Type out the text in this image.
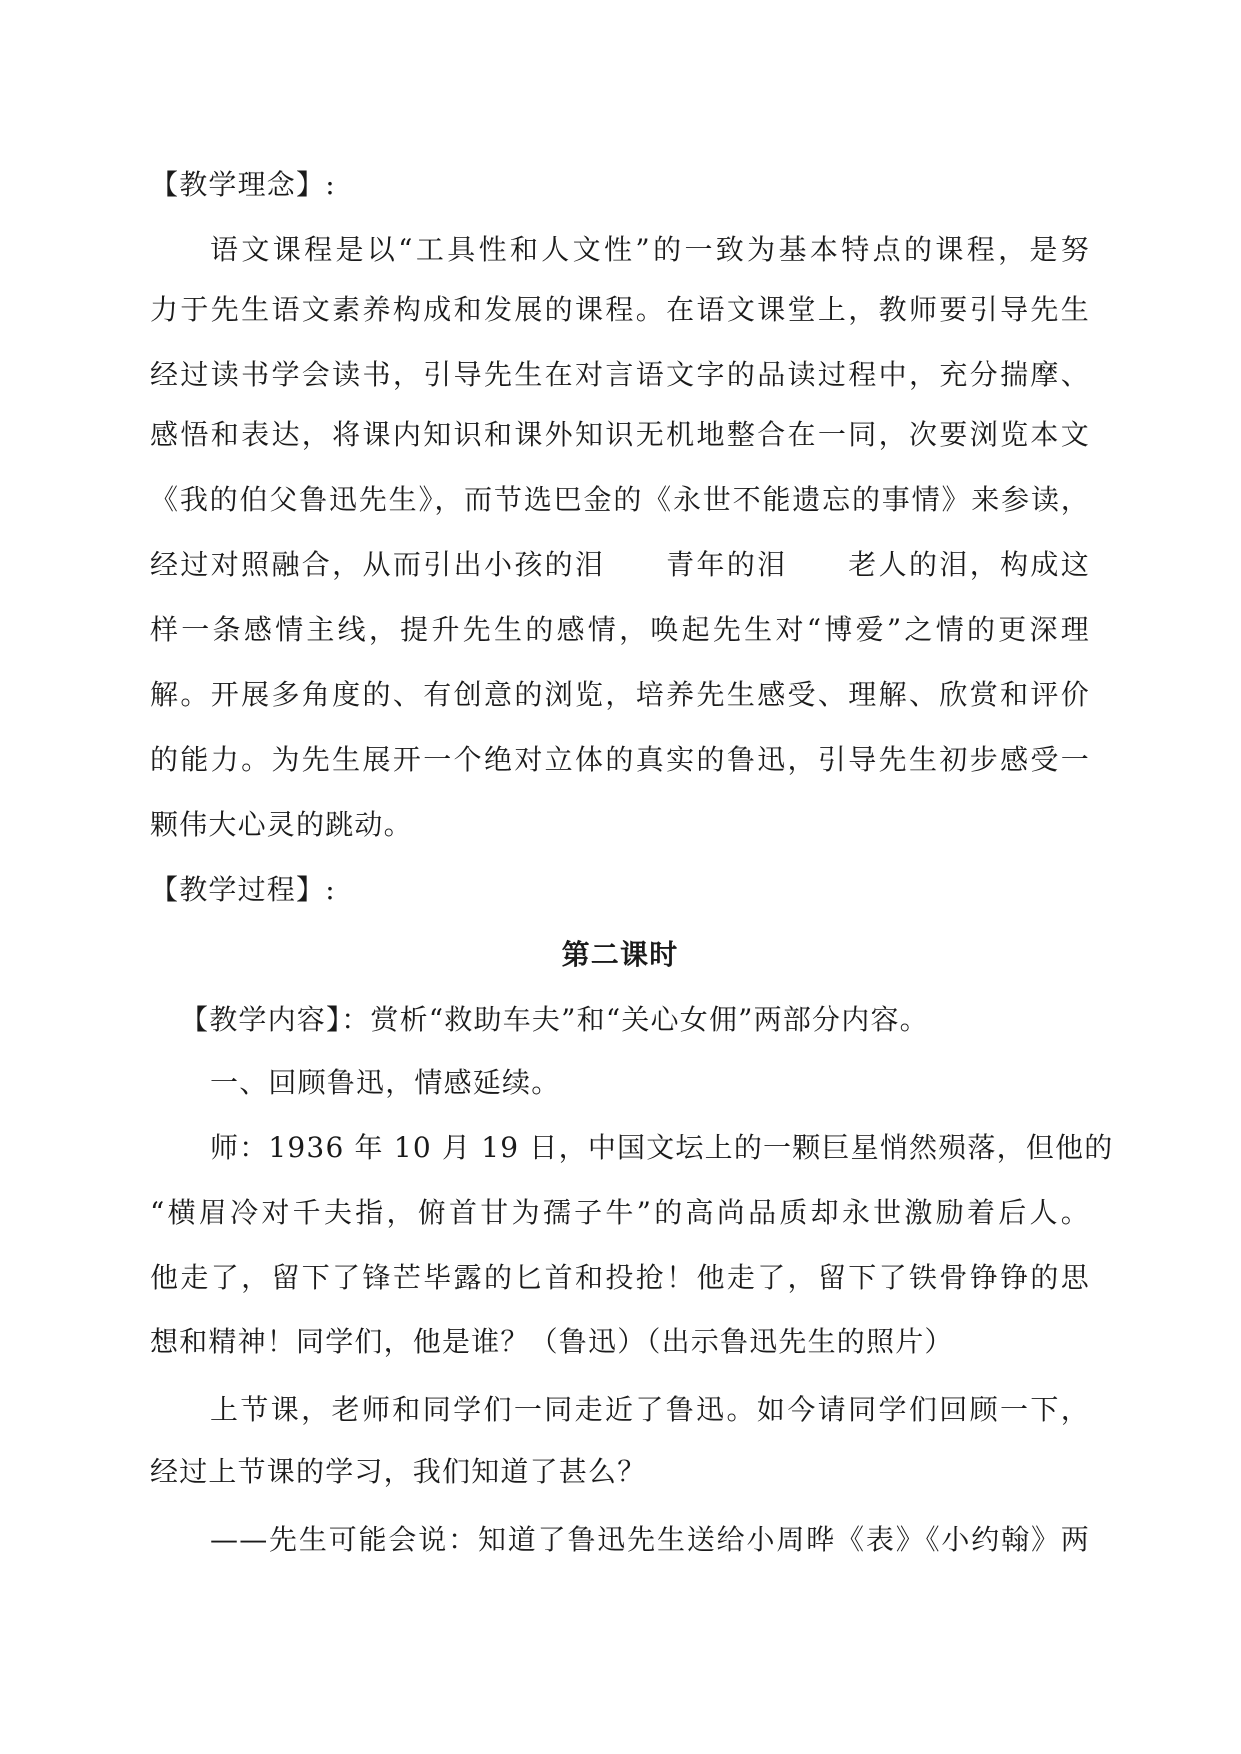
【教学理念】:
语文课程是以“工具性和人文性”的一致为基本特点的课程，是努
力于先生语文素养构成和发展的课程。在语文课堂上，教师要引导先生
经过读书学会读书，引导先生在对言语文字的品读过程中，充分揣摩、
感悟和表达，将课内知识和课外知识无机地整合在一同，次要浏览本文
《我的伯父鲁迅先生》，而节选巴金的《永世不能遗忘的事情》来参读，
经过对照融合，从而引出小孩的泪　　青年的泪　　老人的泪，构成这
样一条感情主线，提升先生的感情，唤起先生对“博爱”之情的更深理
解。开展多角度的、有创意的浏览，培养先生感受、理解、欣赏和评价
的能力。为先生展开一个绝对立体的真实的鲁迅，引导先生初步感受一
颗伟大心灵的跳动。
【教学过程】:
第二课时
【教学内容】：赏析“救助车夫”和“关心女佣”两部分内容。
一、回顾鲁迅，情感延续。
师：1936 年 10 月 19 日，中国文坛上的一颗巨星悄然殒落，但他的
“横眉冷对千夫指，俯首甘为孺子牛”的高尚品质却永世激励着后人。
他走了，留下了锋芒毕露的匕首和投抢！他走了，留下了铁骨铮铮的思
想和精神！同学们，他是谁？（鲁迅）（出示鲁迅先生的照片）
上节课，老师和同学们一同走近了鲁迅。如今请同学们回顾一下，
经过上节课的学习，我们知道了甚么？
——先生可能会说：知道了鲁迅先生送给小周晔《表》《小约翰》两
